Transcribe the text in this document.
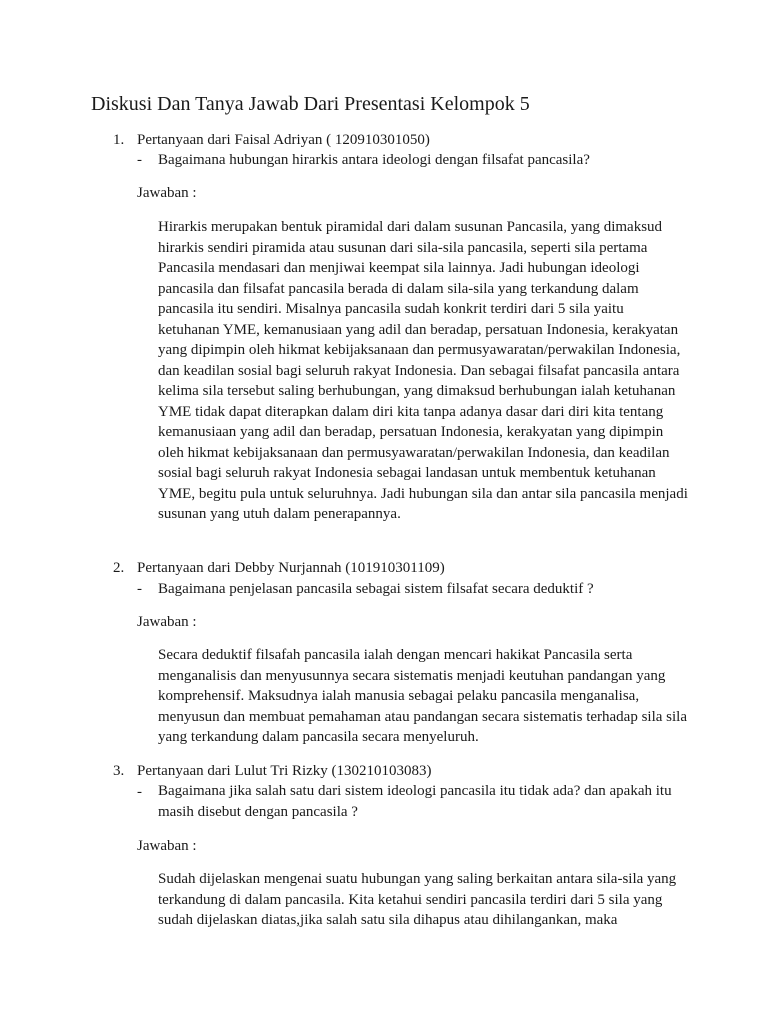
Diskusi Dan Tanya Jawab Dari Presentasi Kelompok 5
1. Pertanyaan dari Faisal Adriyan ( 120910301050)
- Bagaimana hubungan hirarkis antara ideologi dengan filsafat pancasila?
Jawaban :
Hirarkis merupakan bentuk piramidal dari dalam susunan Pancasila, yang dimaksud hirarkis sendiri piramida atau susunan dari sila-sila pancasila, seperti sila pertama Pancasila mendasari dan menjiwai keempat sila lainnya. Jadi hubungan ideologi pancasila dan filsafat pancasila berada di dalam sila-sila yang terkandung dalam pancasila itu sendiri. Misalnya pancasila sudah konkrit terdiri dari 5 sila yaitu ketuhanan YME, kemanusiaan yang adil dan beradap, persatuan Indonesia, kerakyatan yang dipimpin oleh hikmat kebijaksanaan dan permusyawaratan/perwakilan Indonesia, dan keadilan sosial bagi seluruh rakyat Indonesia. Dan sebagai filsafat pancasila antara kelima sila tersebut saling berhubungan, yang dimaksud berhubungan ialah ketuhanan YME tidak dapat diterapkan dalam diri kita tanpa adanya dasar dari diri kita tentang kemanusiaan yang adil dan beradap, persatuan Indonesia, kerakyatan yang dipimpin oleh hikmat kebijaksanaan dan permusyawaratan/perwakilan Indonesia, dan keadilan sosial bagi seluruh rakyat Indonesia sebagai landasan untuk membentuk ketuhanan YME, begitu pula untuk seluruhnya. Jadi hubungan sila dan antar sila pancasila menjadi susunan yang utuh dalam penerapannya.
2. Pertanyaan dari Debby Nurjannah (101910301109)
- Bagaimana penjelasan pancasila sebagai sistem filsafat secara deduktif ?
Jawaban :
Secara deduktif filsafah pancasila ialah dengan mencari hakikat Pancasila serta menganalisis dan menyusunnya secara sistematis menjadi keutuhan pandangan yang komprehensif. Maksudnya ialah manusia sebagai pelaku pancasila menganalisa, menyusun dan membuat pemahaman atau pandangan secara sistematis terhadap sila sila yang terkandung dalam pancasila secara menyeluruh.
3. Pertanyaan dari Lulut Tri Rizky (130210103083)
- Bagaimana jika salah satu dari sistem ideologi pancasila itu tidak ada? dan apakah itu masih disebut dengan pancasila ?
Jawaban :
Sudah dijelaskan mengenai suatu hubungan yang saling berkaitan antara sila-sila yang terkandung di dalam pancasila. Kita ketahui sendiri pancasila terdiri dari 5 sila yang sudah dijelaskan diatas,jika salah satu sila dihapus atau dihilangankan, maka
